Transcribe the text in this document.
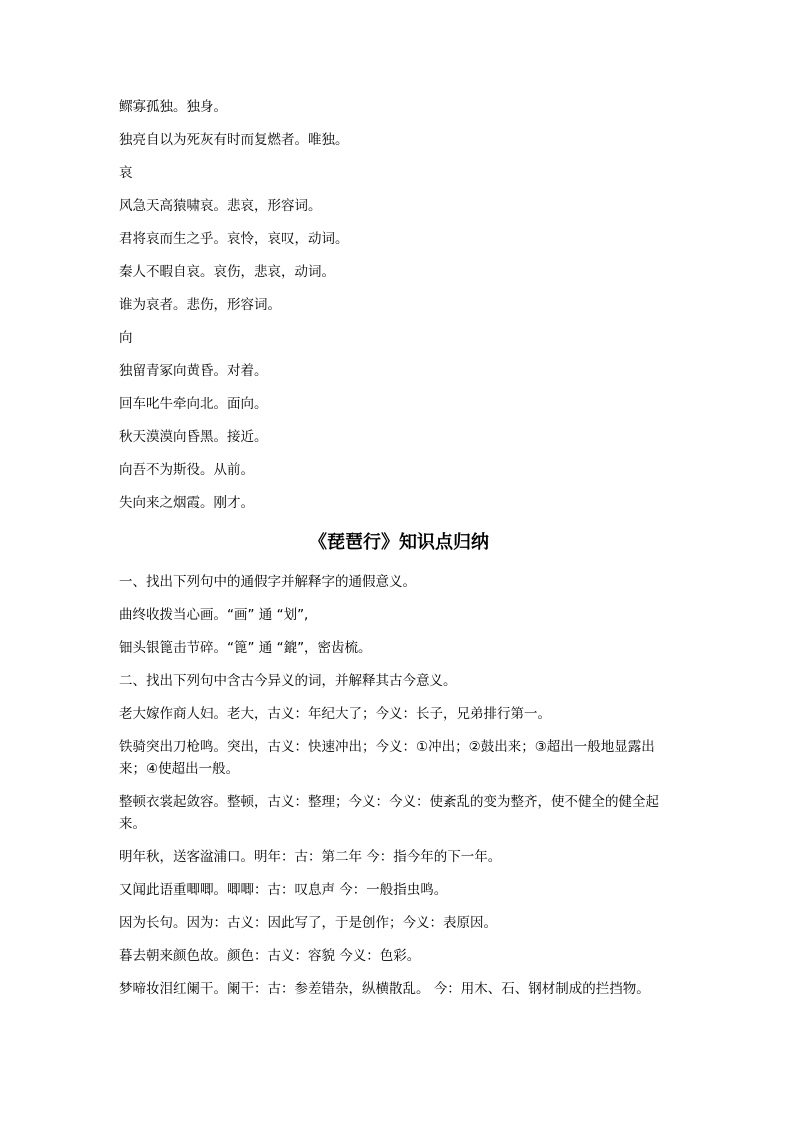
鳏寡孤独。独身。

独亮自以为死灰有时而复燃者。唯独。

哀

风急天高猿啸哀。悲哀，形容词。

君将哀而生之乎。哀怜，哀叹，动词。

秦人不暇自哀。哀伤，悲哀，动词。

谁为哀者。悲伤，形容词。

向

独留青冢向黄昏。对着。

回车叱牛牵向北。面向。

秋天漠漠向昏黑。接近。

向吾不为斯役。从前。

失向来之烟霞。刚才。

《琵琶行》知识点归纳

一、找出下列句中的通假字并解释字的通假意义。

曲终收拨当心画。“画” 通 “划”,

钿头银篦击节碎。“篦” 通 “鎞”，密齿梳。

二、找出下列句中含古今异义的词，并解释其古今意义。

老大嫁作商人妇。老大，古义：年纪大了；今义：长子，兄弟排行第一。

铁骑突出刀枪鸣。突出，古义：快速冲出；今义：①冲出；②鼓出来；③超出一般地显露出来；④使超出一般。

整顿衣裳起敛容。整顿，古义：整理；今义：今义：使紊乱的变为整齐，使不健全的健全起来。

明年秋，送客湓浦口。明年：古：第二年 今：指今年的下一年。

又闻此语重唧唧。唧唧：古：叹息声 今：一般指虫鸣。

因为长句。因为：古义：因此写了，于是创作；今义：表原因。

暮去朝来颜色故。颜色：古义：容貌 今义：色彩。

梦啼妆泪红阑干。阑干：古：参差错杂，纵横散乱。 今：用木、石、钢材制成的拦挡物。
